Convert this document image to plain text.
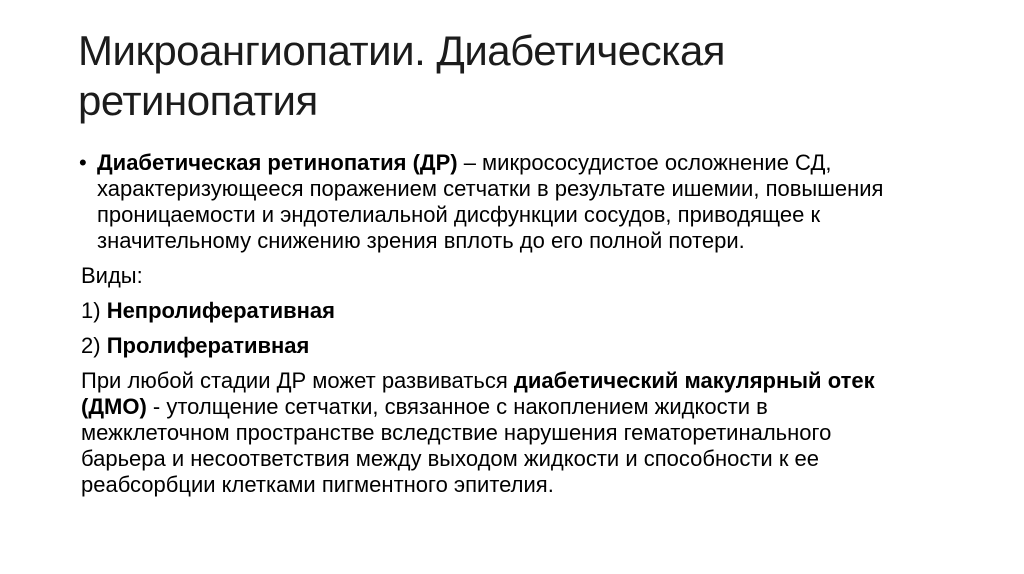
Микроангиопатии. Диабетическая ретинопатия
• Диабетическая ретинопатия (ДР) – микрососудистое осложнение СД,
характеризующееся поражением сетчатки в результате ишемии, повышения
проницаемости и эндотелиальной дисфункции сосудов, приводящее к
значительному снижению зрения вплоть до его полной потери.
Виды:
1) Непролиферативная
2) Пролиферативная
При любой стадии ДР может развиваться диабетический макулярный отек
(ДМО) - утолщение сетчатки, связанное с накоплением жидкости в
межклеточном пространстве вследствие нарушения гематоретинального
барьера и несоответствия между выходом жидкости и способности к ее
реабсорбции клетками пигментного эпителия.
